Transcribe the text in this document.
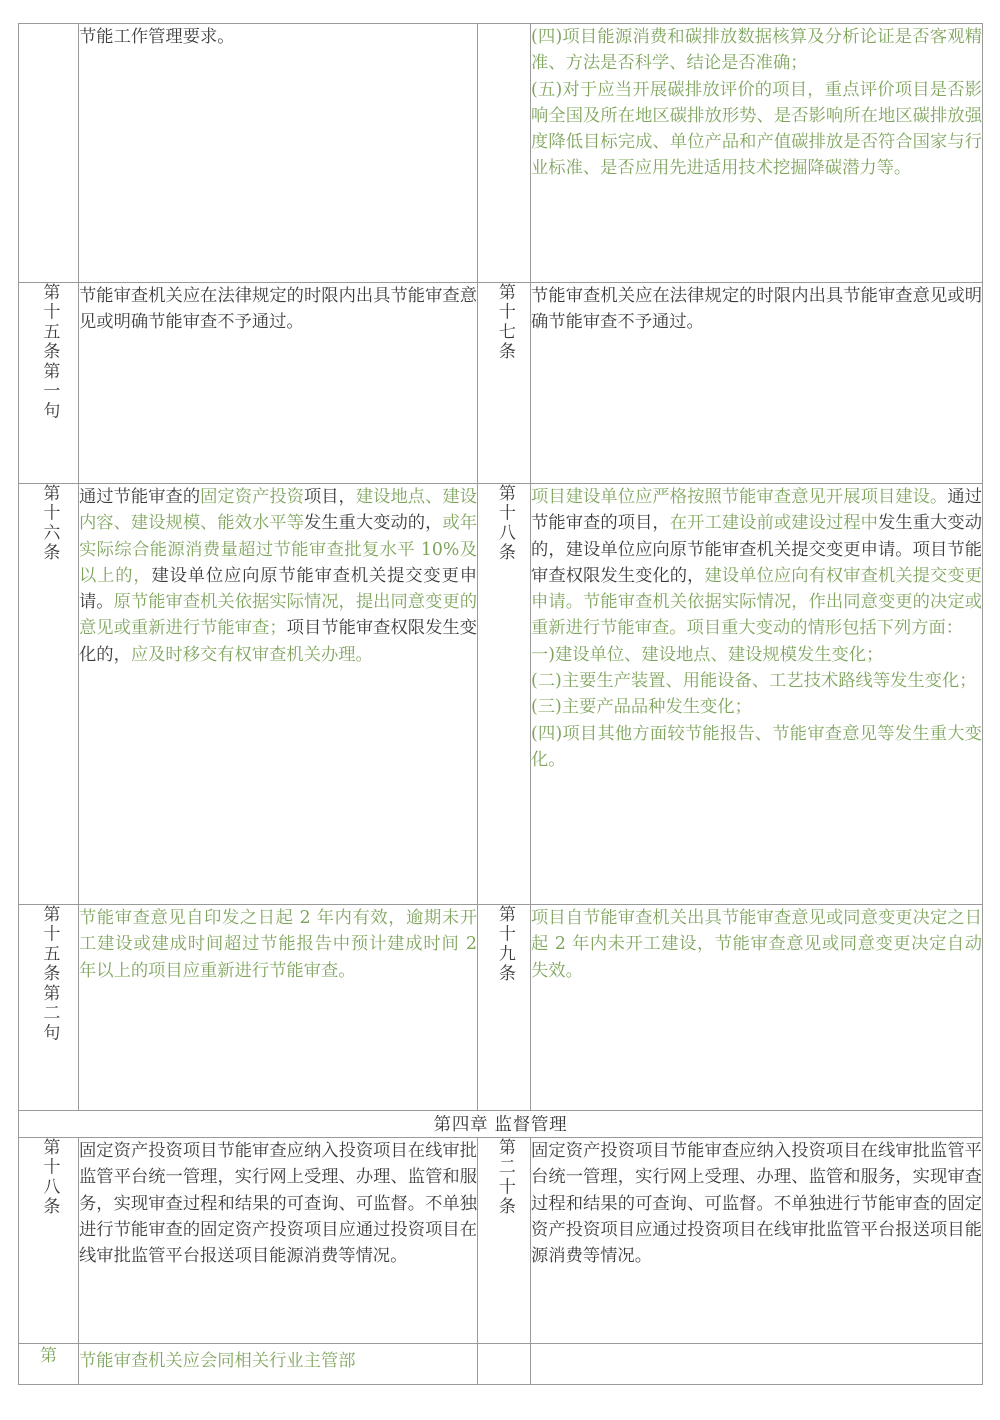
	节能工作管理要求。		(四)项目能源消费和碳排放数据核算及分析论证是否客观精准、方法是否科学、结论是否准确；

(五)对于应当开展碳排放评价的项目，重点评价项目是否影响全国及所在地区碳排放形势、是否影响所在地区碳排放强度降低目标完成、单位产品和产值碳排放是否符合国家与行业标准、是否应用先进适用技术挖掘降碳潜力等。

第十五条第一句	节能审查机关应在法律规定的时限内出具节能审查意见或明确节能审查不予通过。	第十七条	节能审查机关应在法律规定的时限内出具节能审查意见或明确节能审查不予通过。

第十六条	通过节能审查的固定资产投资项目，建设地点、建设内容、建设规模、能效水平等发生重大变动的，或年实际综合能源消费量超过节能审查批复水平 10%及以上的，建设单位应向原节能审查机关提交变更申请。原节能审查机关依据实际情况，提出同意变更的意见或重新进行节能审查；项目节能审查权限发生变化的，应及时移交有权审查机关办理。	第十八条	项目建设单位应严格按照节能审查意见开展项目建设。通过节能审查的项目，在开工建设前或建设过程中发生重大变动的，建设单位应向原节能审查机关提交变更申请。项目节能审查权限发生变化的，建设单位应向有权审查机关提交变更申请。节能审查机关依据实际情况，作出同意变更的决定或重新进行节能审查。项目重大变动的情形包括下列方面：

一)建设单位、建设地点、建设规模发生变化；

(二)主要生产装置、用能设备、工艺技术路线等发生变化；

(三)主要产品品种发生变化；

(四)项目其他方面较节能报告、节能审查意见等发生重大变化。

第十五条第二句	节能审查意见自印发之日起 2 年内有效，逾期未开工建设或建成时间超过节能报告中预计建成时间 2 年以上的项目应重新进行节能审查。	第十九条	项目自节能审查机关出具节能审查意见或同意变更决定之日起 2 年内未开工建设，节能审查意见或同意变更决定自动失效。

第四章 监督管理			
第十八条	固定资产投资项目节能审查应纳入投资项目在线审批监管平台统一管理，实行网上受理、办理、监管和服务，实现审查过程和结果的可查询、可监督。不单独进行节能审查的固定资产投资项目应通过投资项目在线审批监管平台报送项目能源消费等情况。	第二十条	固定资产投资项目节能审查应纳入投资项目在线审批监管平台统一管理，实行网上受理、办理、监管和服务，实现审查过程和结果的可查询、可监督。不单独进行节能审查的固定资产投资项目应通过投资项目在线审批监管平台报送项目能源消费等情况。

第	节能审查机关应会同相关行业主管部		
